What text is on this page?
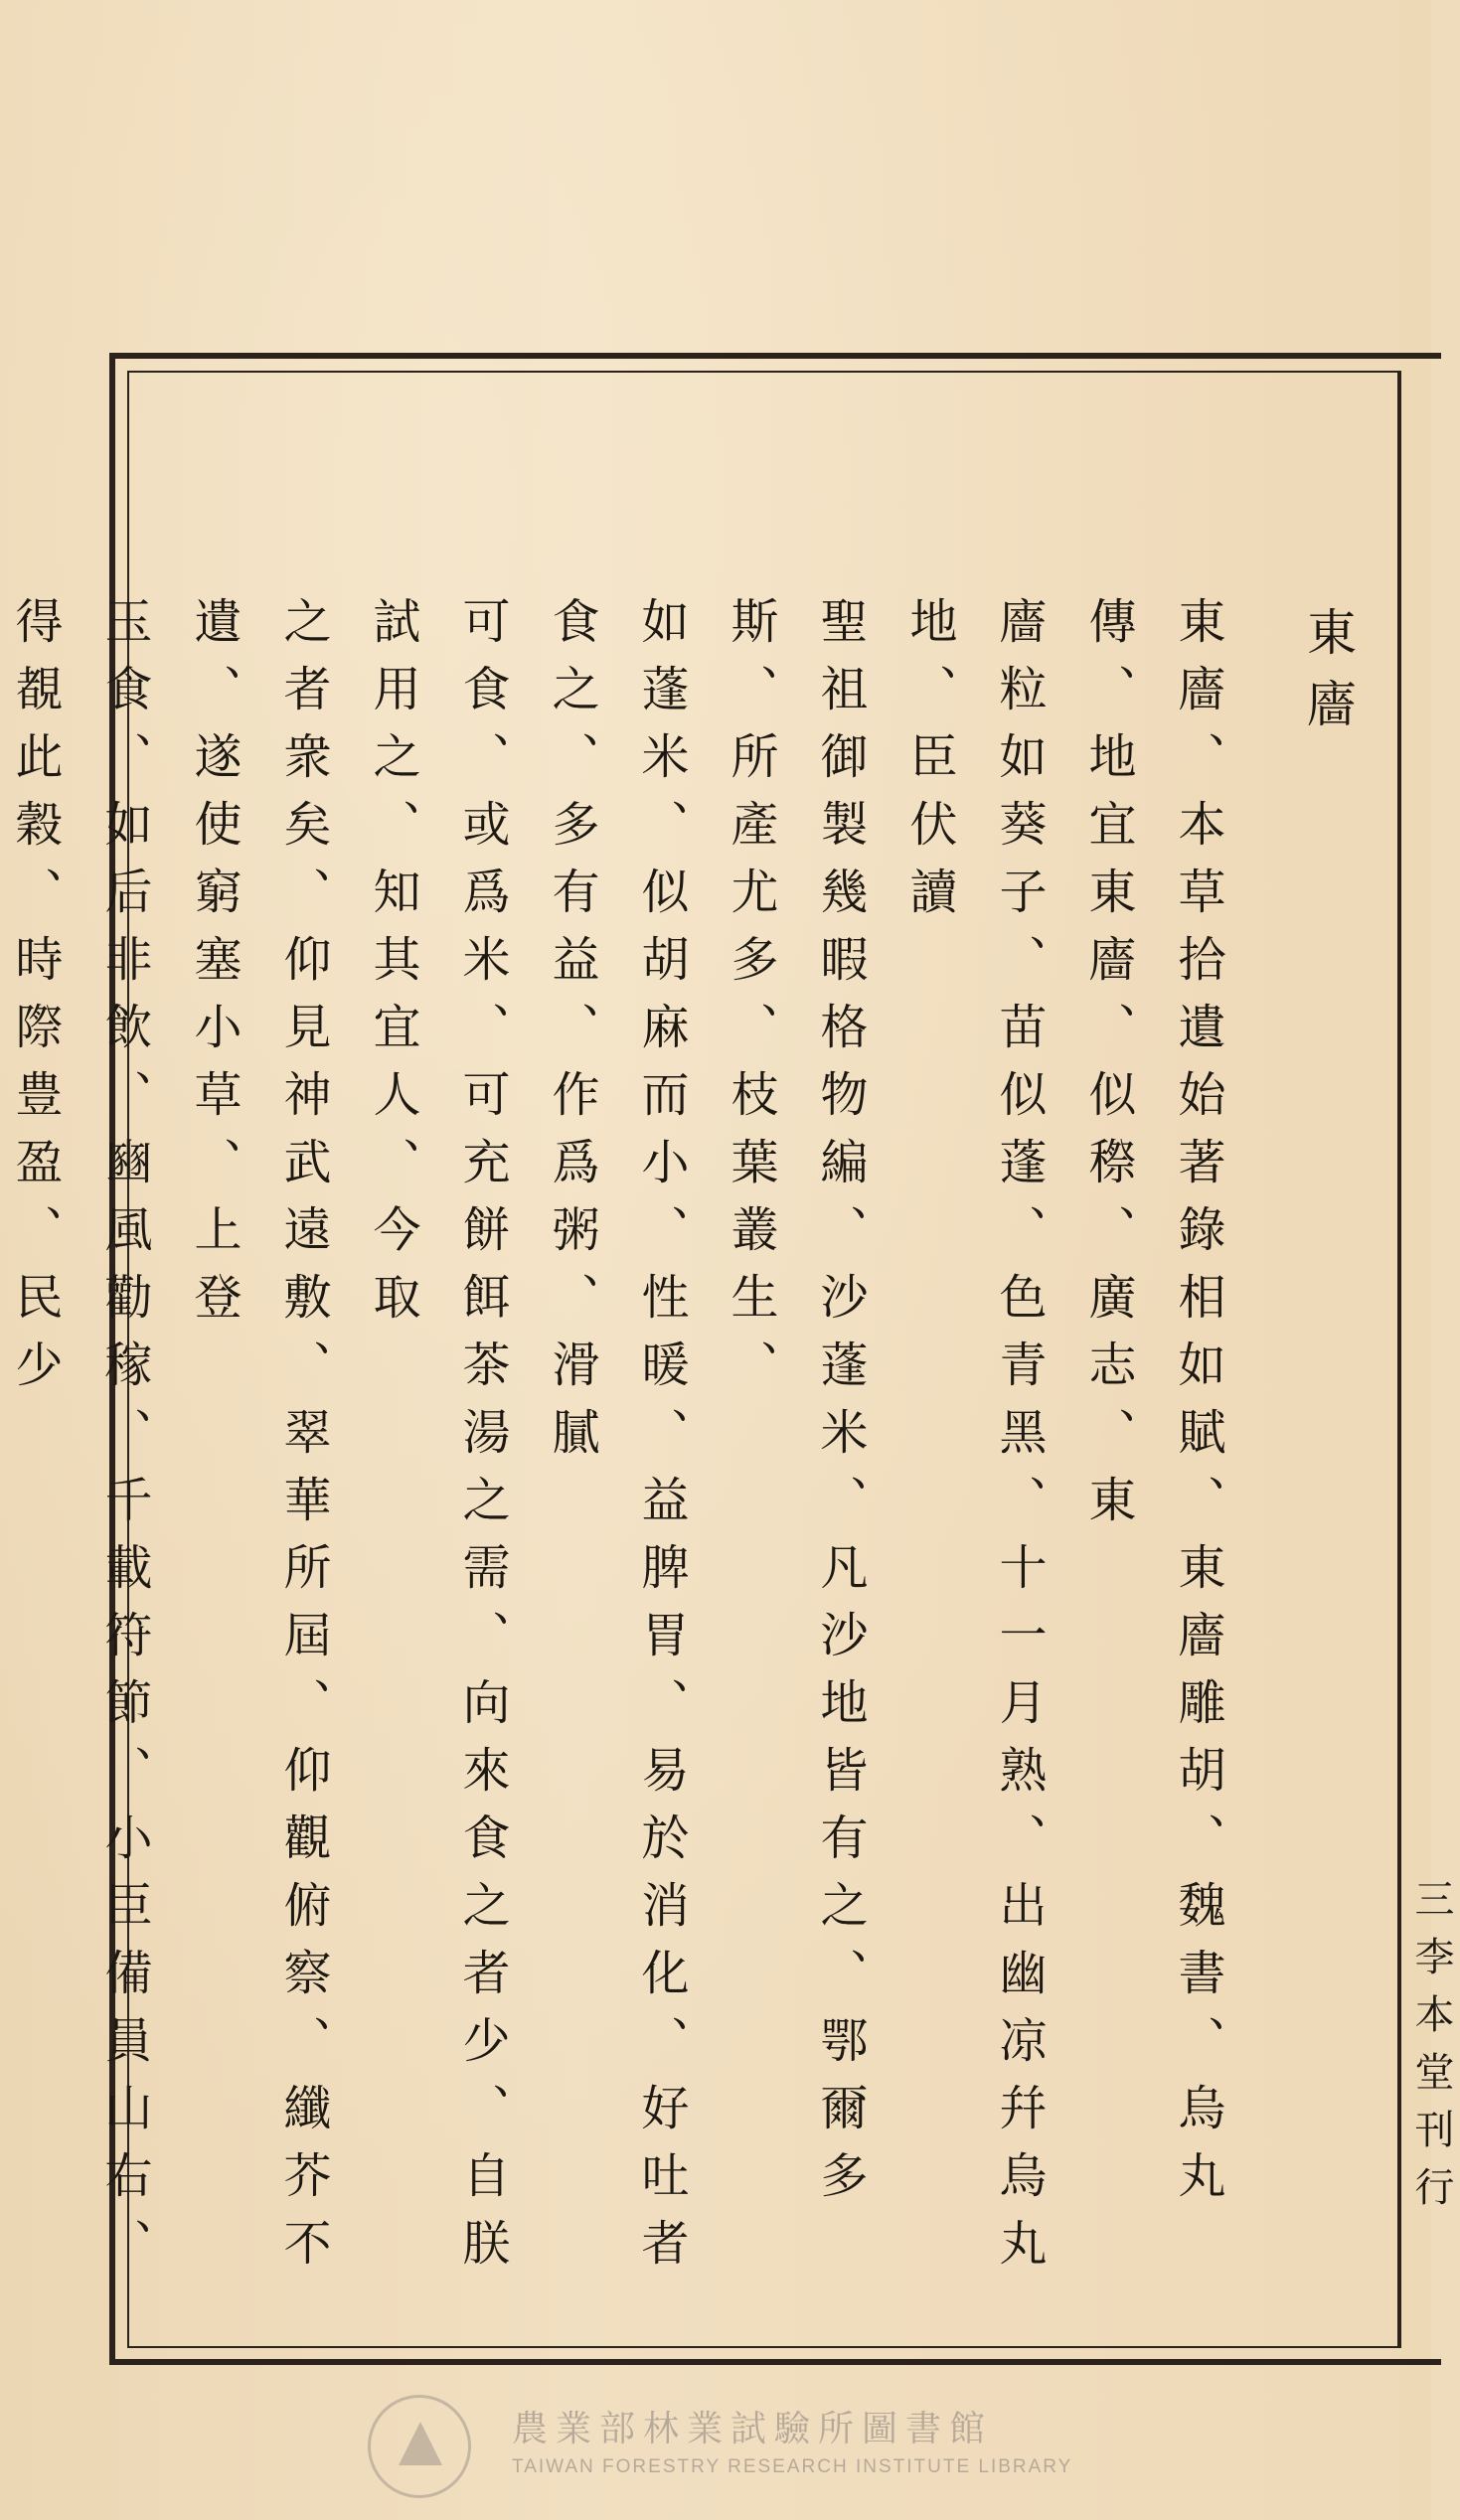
東廧

東廧、本草拾遺始著錄相如賦、東廧雕胡、魏書、烏丸傳、地宜東廧、似穄、廣志、東

廧粒如葵子、苗似蓬、色青黑、十一月熟、出幽凉幷烏丸地、臣伏讀

聖祖御製幾暇格物編、沙蓬米、凡沙地皆有之、鄂爾多斯、所產尤多、枝葉叢生、

如蓬米、似胡麻而小、性暖、益脾胃、易於消化、好吐者食之、多有益、作爲粥、滑膩

可食、或爲米、可充餅餌茶湯之需、向來食之者少、自朕試用之、知其宜人、今取

之者衆矣、仰見神武遠敷、翠華所屆、仰觀俯察、纖芥不遺、遂使窮塞小草、上登

玉食、如后非飲、豳風勸稼、千載符節、小臣備員山右、得覩此穀、時際豊盈、民少

三李本堂刊行
農業部林業試驗所圖書館
TAIWAN FORESTRY RESEARCH INSTITUTE LIBRARY
